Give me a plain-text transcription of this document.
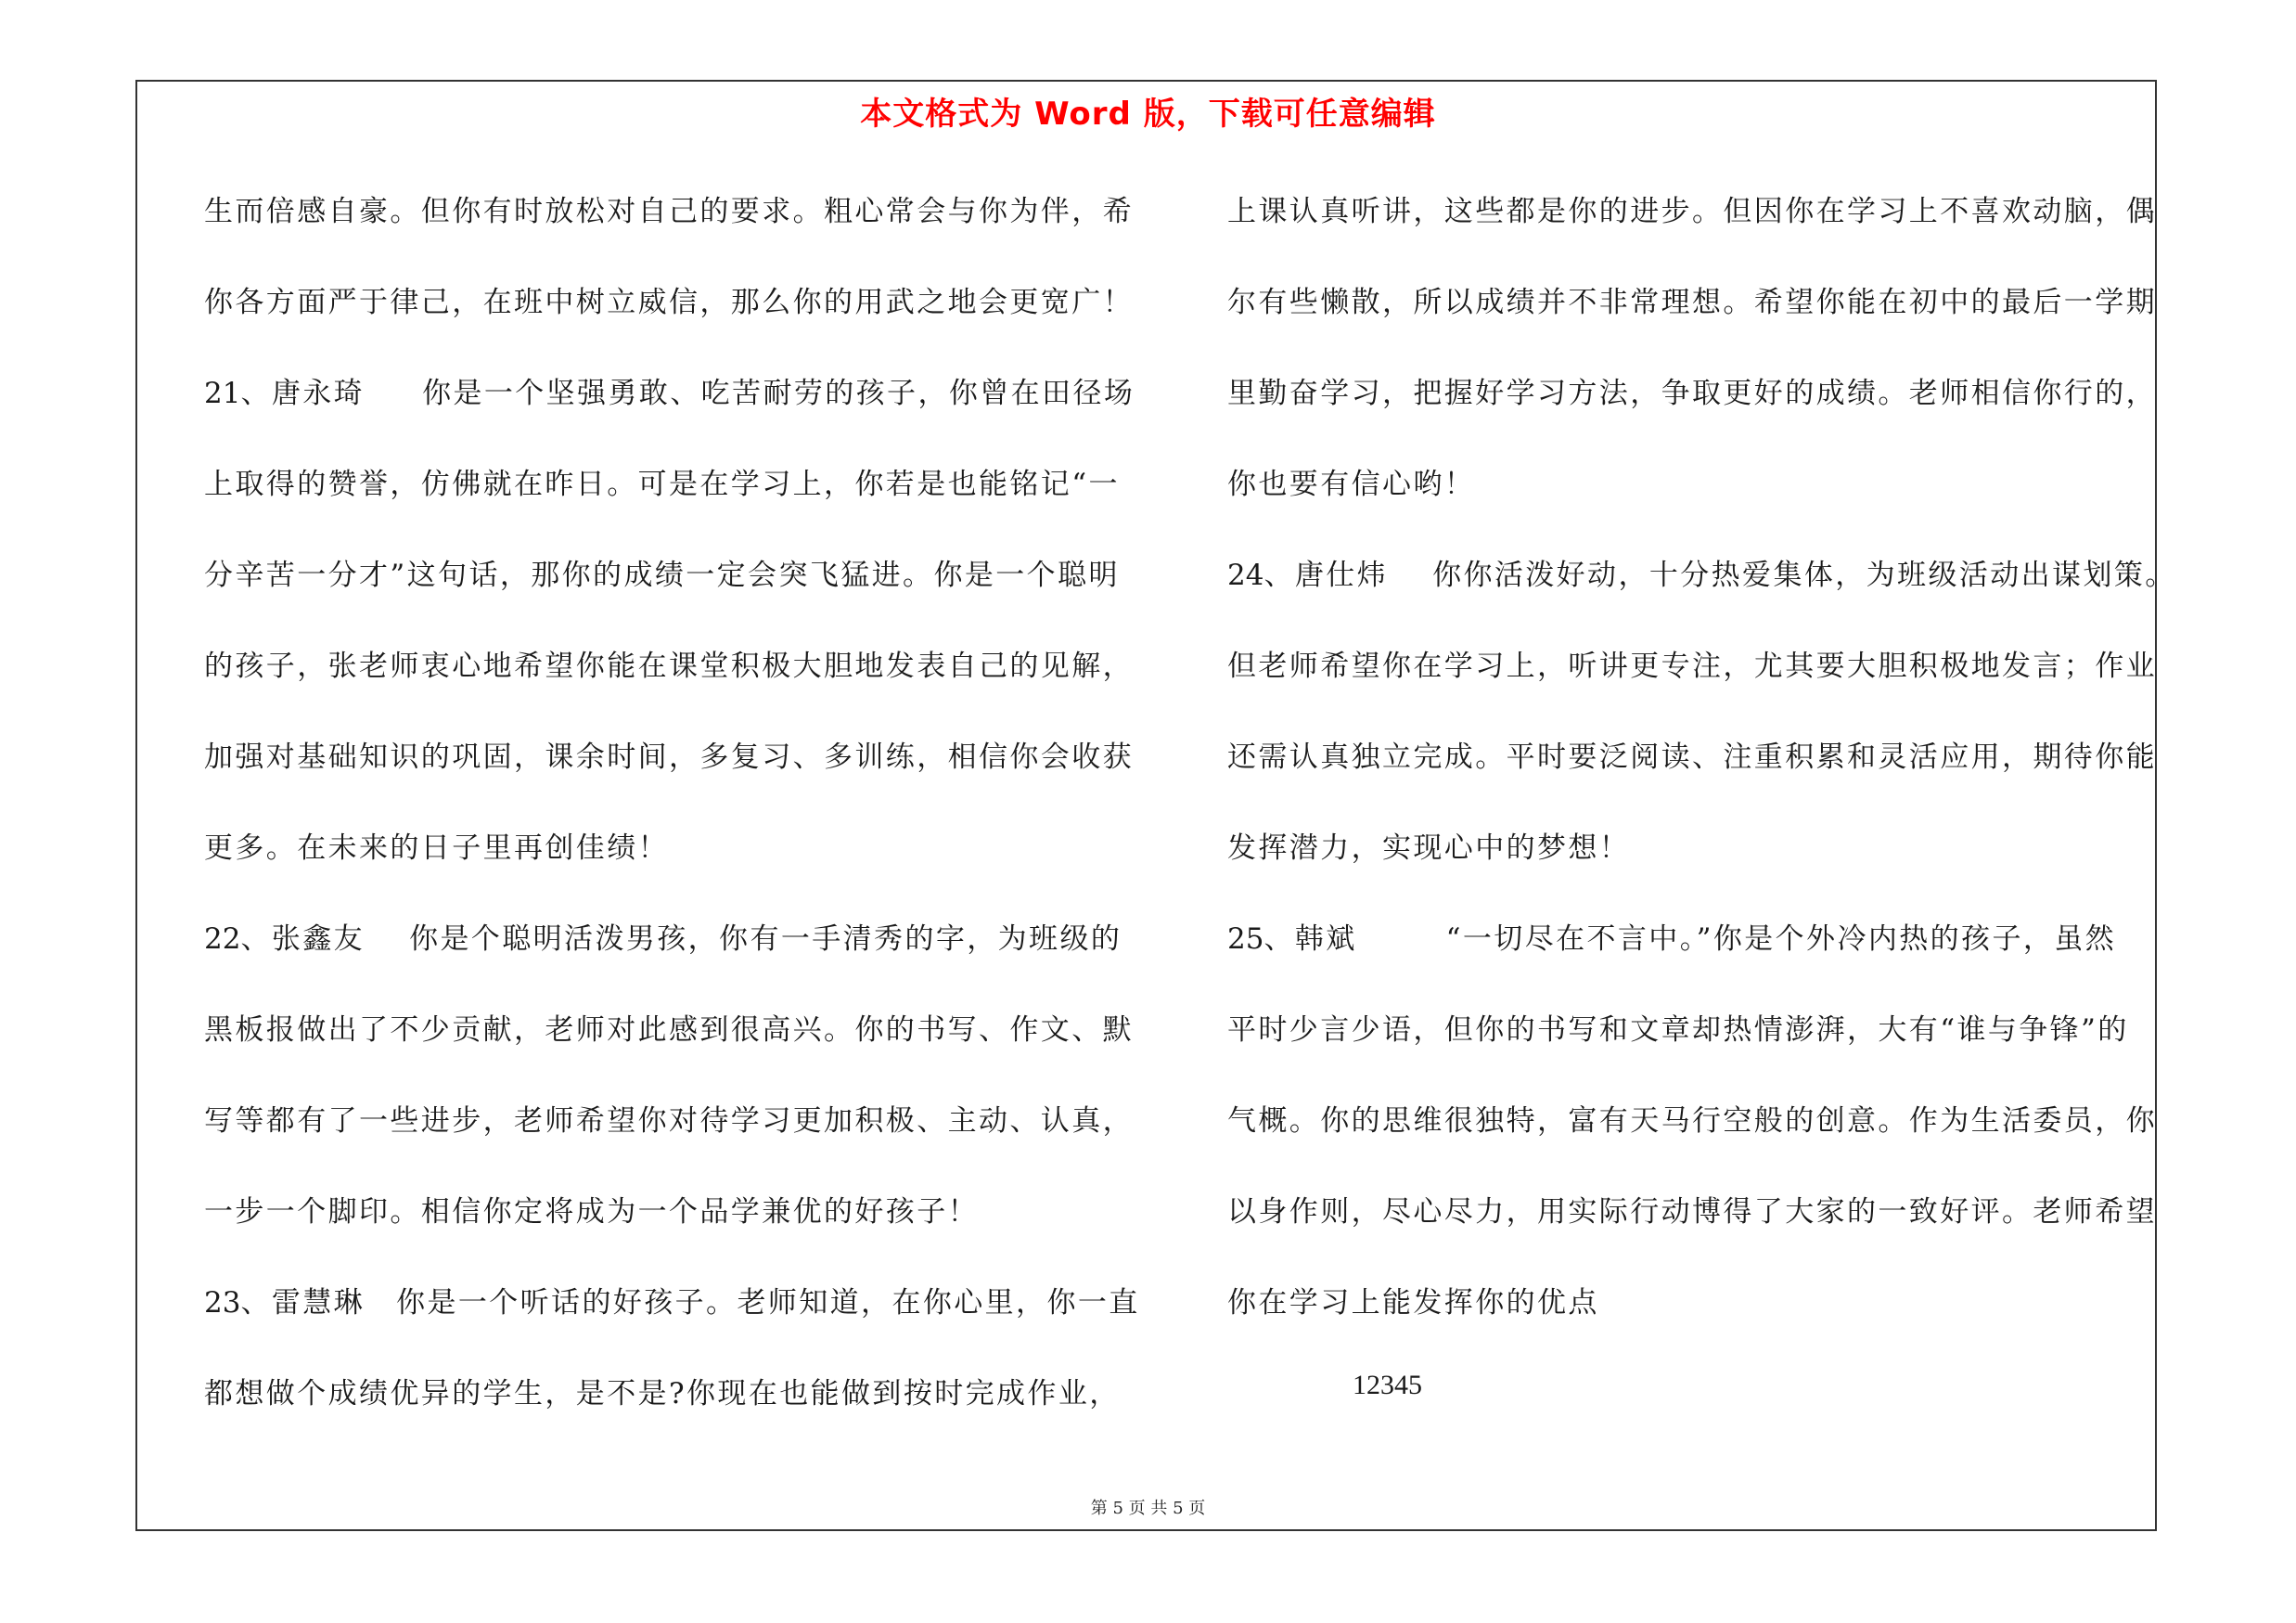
本文格式为 Word 版，下载可任意编辑
生而倍感自豪。但你有时放松对自己的要求。粗心常会与你为伴，希
你各方面严于律己，在班中树立威信，那么你的用武之地会更宽广！
21、唐永琦 你是一个坚强勇敢、吃苦耐劳的孩子，你曾在田径场
上取得的赞誉，仿佛就在昨日。可是在学习上，你若是也能铭记“一
分辛苦一分才”这句话，那你的成绩一定会突飞猛进。你是一个聪明
的孩子，张老师衷心地希望你能在课堂积极大胆地发表自己的见解，
加强对基础知识的巩固，课余时间，多复习、多训练，相信你会收获
更多。在未来的日子里再创佳绩！
22、张鑫友 你是个聪明活泼男孩，你有一手清秀的字，为班级的
黑板报做出了不少贡献，老师对此感到很高兴。你的书写、作文、默
写等都有了一些进步，老师希望你对待学习更加积极、主动、认真，
一步一个脚印。相信你定将成为一个品学兼优的好孩子！
23、雷慧琳 你是一个听话的好孩子。老师知道，在你心里，你一直
都想做个成绩优异的学生，是不是?你现在也能做到按时完成作业，
上课认真听讲，这些都是你的进步。但因你在学习上不喜欢动脑，偶
尔有些懒散，所以成绩并不非常理想。希望你能在初中的最后一学期
里勤奋学习，把握好学习方法，争取更好的成绩。老师相信你行的，
你也要有信心哟！
24、唐仕炜 你你活泼好动，十分热爱集体，为班级活动出谋划策。
但老师希望你在学习上，听讲更专注，尤其要大胆积极地发言；作业
还需认真独立完成。平时要泛阅读、注重积累和灵活应用，期待你能
发挥潜力，实现心中的梦想！
25、韩斌	“一切尽在不言中。”你是个外冷内热的孩子，虽然
平时少言少语，但你的书写和文章却热情澎湃，大有“谁与争锋”的
气概。你的思维很独特，富有天马行空般的创意。作为生活委员，你
以身作则，尽心尽力，用实际行动博得了大家的一致好评。老师希望
你在学习上能发挥你的优点
12345
第 5 页 共 5 页
